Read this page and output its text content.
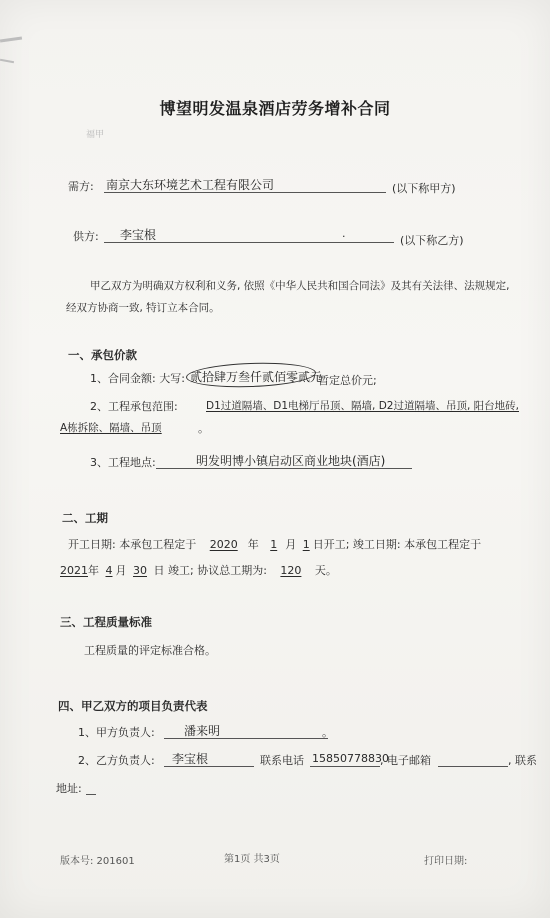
博望明发温泉酒店劳务增补合同
福甲
需方: 南京大东环境艺术工程有限公司	(以下称甲方)
供方: 李宝根	·	(以下称乙方)
甲乙双方为明确双方权利和义务, 依照《中华人民共和国合同法》及其有关法律、法规规定,
经双方协商一致, 特订立本合同。
一、承包价款
1、合同金额: 大写: 贰拾肆万叁仟贰佰零贰元
暂定总价元;
2、工程承包范围:	D1过道隔墙、D1电梯厅吊顶、隔墙, D2过道隔墙、吊顶, 阳台地砖,
A栋拆除、隔墙、吊顶	。
3、工程地点:	明发明博小镇启动区商业地块(酒店)
二、工期
开工日期: 本承包工程定于 2020 年 1 月 1 日开工; 竣工日期: 本承包工程定于
2021年 4 月 30 日 竣工; 协议总工期为: 120 天。
三、工程质量标准
工程质量的评定标准合格。
四、甲乙双方的项目负责代表
1、甲方负责人: 潘来明	。
2、乙方负责人: 李宝根	联系电话 15850778830
, 电子邮箱	, 联系
地址:
版本号: 201601	第1页 共3页	打印日期:
